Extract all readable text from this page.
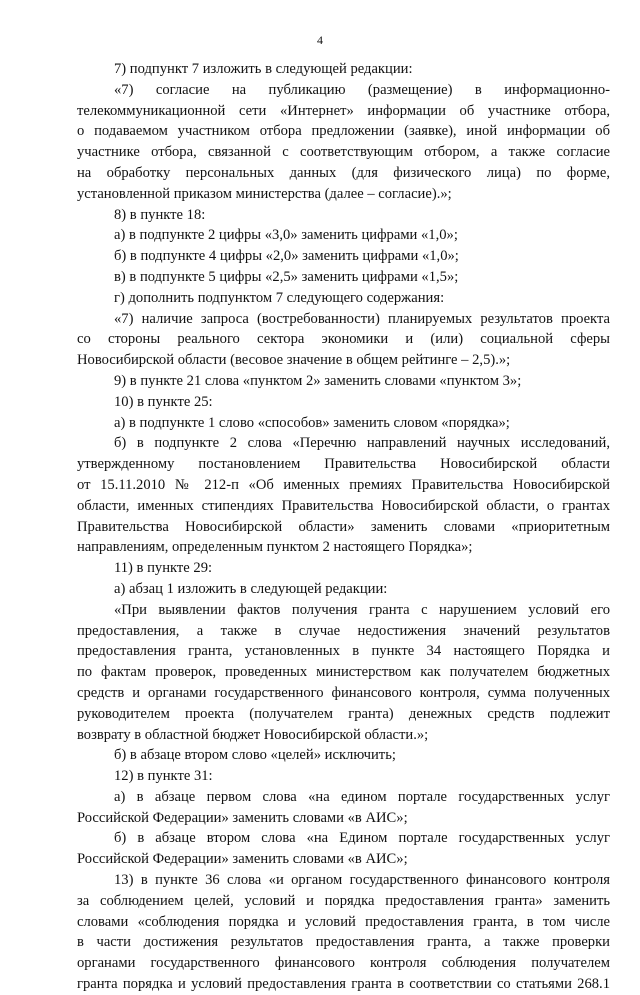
4
7) подпункт 7 изложить в следующей редакции:
«7) согласие на публикацию (размещение) в информационно-
телекоммуникационной сети «Интернет» информации об участнике отбора,
о подаваемом участником отбора предложении (заявке), иной информации об
участнике отбора, связанной с соответствующим отбором, а также согласие
на обработку персональных данных (для физического лица) по форме,
установленной приказом министерства (далее – согласие).»;
8) в пункте 18:
а) в подпункте 2 цифры «3,0» заменить цифрами «1,0»;
б) в подпункте 4 цифры «2,0» заменить цифрами «1,0»;
в) в подпункте 5 цифры «2,5» заменить цифрами «1,5»;
г) дополнить подпунктом 7 следующего содержания:
«7) наличие запроса (востребованности) планируемых результатов проекта
со стороны реального сектора экономики и (или) социальной сферы
Новосибирской области (весовое значение в общем рейтинге – 2,5).»;
9) в пункте 21 слова «пунктом 2» заменить словами «пунктом 3»;
10) в пункте 25:
а) в подпункте 1 слово «способов» заменить словом «порядка»;
б) в подпункте 2 слова «Перечню направлений научных исследований,
утвержденному постановлением Правительства Новосибирской области
от 15.11.2010 № 212-п «Об именных премиях Правительства Новосибирской
области, именных стипендиях Правительства Новосибирской области, о грантах
Правительства Новосибирской области» заменить словами «приоритетным
направлениям, определенным пунктом 2 настоящего Порядка»;
11) в пункте 29:
а) абзац 1 изложить в следующей редакции:
«При выявлении фактов получения гранта с нарушением условий его
предоставления, а также в случае недостижения значений результатов
предоставления гранта, установленных в пункте 34 настоящего Порядка и
по фактам проверок, проведенных министерством как получателем бюджетных
средств и органами государственного финансового контроля, сумма полученных
руководителем проекта (получателем гранта) денежных средств подлежит
возврату в областной бюджет Новосибирской области.»;
б) в абзаце втором слово «целей» исключить;
12) в пункте 31:
а) в абзаце первом слова «на едином портале государственных услуг
Российской Федерации» заменить словами «в АИС»;
б) в абзаце втором слова «на Едином портале государственных услуг
Российской Федерации» заменить словами «в АИС»;
13) в пункте 36 слова «и органом государственного финансового контроля
за соблюдением целей, условий и порядка предоставления гранта» заменить
словами «соблюдения порядка и условий предоставления гранта, в том числе
в части достижения результатов предоставления гранта, а также проверки
органами государственного финансового контроля соблюдения получателем
гранта порядка и условий предоставления гранта в соответствии со статьями 268.1
